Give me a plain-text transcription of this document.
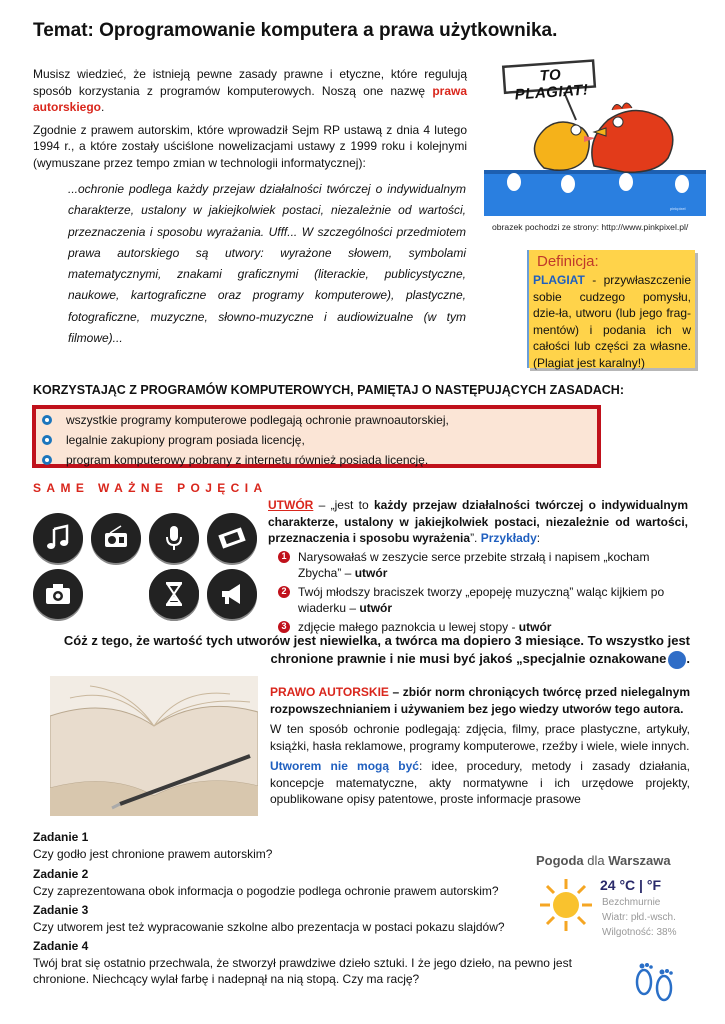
Temat: Oprogramowanie komputera a prawa użytkownika.

Musisz wiedzieć, że istnieją pewne zasady prawne i etyczne, które regulują sposób korzystania z programów komputerowych. Noszą one nazwę prawa autorskiego.

Zgodnie z prawem autorskim, które wprowadził Sejm RP ustawą z dnia 4 lutego 1994 r., a które zostały uściślone nowelizacjami ustawy z 1999 roku i kolejnymi (wymuszane przez tempo zmian w technologii informatycznej):

...ochronie podlega każdy przejaw działalności twórczej o indywidualnym charakterze, ustalony w jakiejkolwiek postaci, niezależnie od wartości, przeznaczenia i sposobu wyrażania. Ufff... W szczególności przedmiotem prawa autorskiego są utwory: wyrażone słowem, symbolami matematycznymi, znakami graficznymi (literackie, publicystyczne, naukowe, kartograficzne oraz programy komputerowe), plastyczne, fotograficzne, muzyczne, słowno-muzyczne i audiowizualne (w tym filmowe)...

pinkpixel
TO PLAGIAT!
obrazek pochodzi ze strony: http://www.pinkpixel.pl/
Definicja:

PLAGIAT - przywłaszczenie sobie cudzego pomysłu, dzie-ła, utworu (lub jego frag-mentów) i podania ich w całości lub części za własne. (Plagiat jest karalny!)

KORZYSTAJĄC Z PROGRAMÓW KOMPUTEROWYCH, PAMIĘTAJ O NASTĘPUJĄCYCH ZASADACH:
wszystkie programy komputerowe podlegają ochronie prawnoautorskiej,
legalnie zakupiony program posiada licencję,
program komputerowy pobrany z internetu również posiada licencję.
SAME WAŻNE POJĘCIA

UTWÓR – „jest to każdy przejaw działalności twórczej o indywidualnym charakterze, ustalony w jakiejkolwiek postaci, niezależnie od wartości, przeznaczenia i sposobu wyrażenia”. Przykłady:

1 Narysowałaś w zeszycie serce przebite strzałą i napisem „kocham Zbycha” – utwór
2 Twój młodszy braciszek tworzy „epopeję muzyczną” waląc kijkiem po wiaderku – utwór
3 zdjęcie małego paznokcia u lewej stopy - utwór
Cóż z tego, że wartość tych utworów jest niewielka, a twórca ma dopiero 3 miesiące. To wszystko jest chronione prawnie i nie musi być jakoś „specjalnie oznakowane .

PRAWO AUTORSKIE – zbiór norm chroniących twórcę przed nielegalnym rozpowszechnianiem i używaniem bez jego wiedzy utworów tego autora.

W ten sposób ochronie podlegają: zdjęcia, filmy, prace plastyczne, artykuły, książki, hasła reklamowe, programy komputerowe, rzeźby i wiele, wiele innych.

Utworem nie mogą być: idee, procedury, metody i zasady działania, koncepcje matematyczne, akty normatywne i ich urzędowe projekty, opublikowane opisy patentowe, proste informacje prasowe

Zadanie 1
Czy godło jest chronione prawem autorskim?
Zadanie 2
Czy zaprezentowana obok informacja o pogodzie podlega ochronie prawem autorskim?
Zadanie 3
Czy utworem jest też wypracowanie szkolne albo prezentacja w postaci pokazu slajdów?
Zadanie 4
Twój brat się ostatnio przechwala, że stworzył prawdziwe dzieło sztuki. I że jego dzieło, na pewno jest chronione. Niechcący wylał farbę i nadepnął na nią stopą. Czy ma rację?
Pogoda dla Warszawa
24 °C | °F
Bezchmurnie
Wiatr: płd.-wsch.
Wilgotność: 38%
